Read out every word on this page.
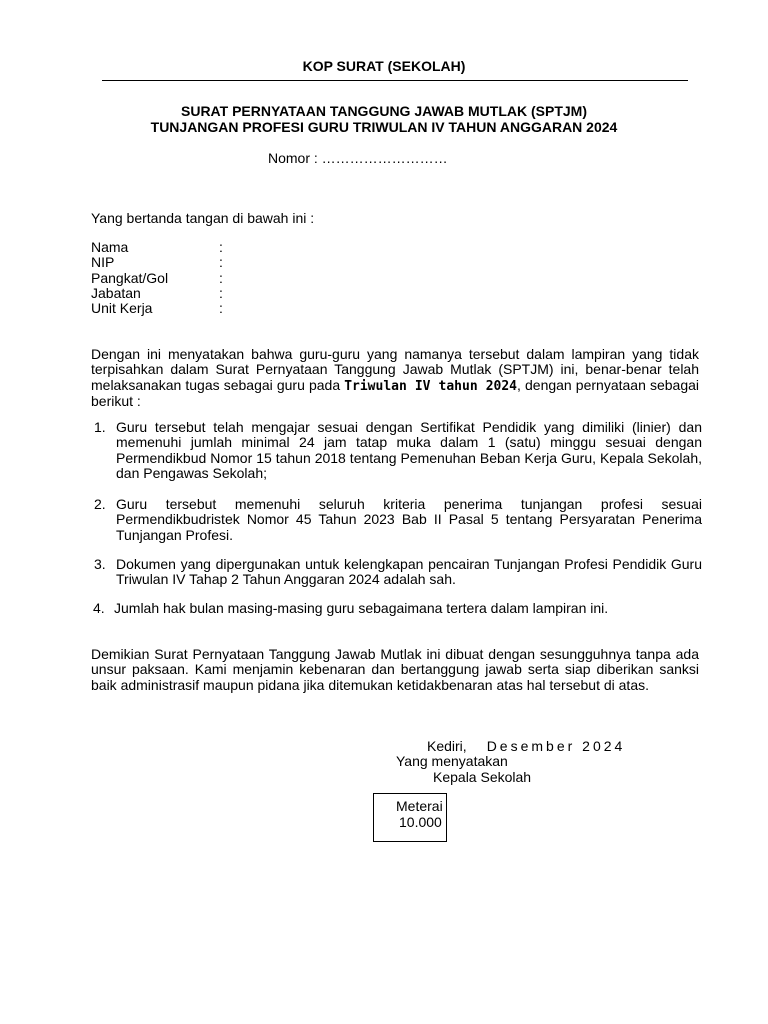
KOP SURAT (SEKOLAH)
SURAT PERNYATAAN TANGGUNG JAWAB MUTLAK (SPTJM)
TUNJANGAN PROFESI GURU TRIWULAN IV TAHUN ANGGARAN 2024
Nomor : ………………………
Yang bertanda tangan di bawah ini :
Nama	:
NIP	:
Pangkat/Gol	:
Jabatan	:
Unit Kerja	:
Dengan ini menyatakan bahwa guru-guru yang namanya tersebut dalam lampiran yang tidak terpisahkan dalam Surat Pernyataan Tanggung Jawab Mutlak (SPTJM) ini, benar-benar telah melaksanakan tugas sebagai guru pada Triwulan IV tahun 2024, dengan pernyataan sebagai berikut :
1. Guru tersebut telah mengajar sesuai dengan Sertifikat Pendidik yang dimiliki (linier) dan memenuhi jumlah minimal 24 jam tatap muka dalam 1 (satu) minggu sesuai dengan Permendikbud Nomor 15 tahun 2018 tentang Pemenuhan Beban Kerja Guru, Kepala Sekolah, dan Pengawas Sekolah;
2. Guru tersebut memenuhi seluruh kriteria penerima tunjangan profesi sesuai Permendikbudristek Nomor 45 Tahun 2023 Bab II Pasal 5 tentang Persyaratan Penerima Tunjangan Profesi.
3. Dokumen yang dipergunakan untuk kelengkapan pencairan Tunjangan Profesi Pendidik Guru Triwulan IV Tahap 2 Tahun Anggaran 2024 adalah sah.
4. Jumlah hak bulan masing-masing guru sebagaimana tertera dalam lampiran ini.
Demikian Surat Pernyataan Tanggung Jawab Mutlak ini dibuat dengan sesungguhnya tanpa ada unsur paksaan. Kami menjamin kebenaran dan bertanggung jawab serta siap diberikan sanksi baik administrasif maupun pidana jika ditemukan ketidakbenaran atas hal tersebut di atas.
Kediri, Desember 2024
Yang menyatakan
Kepala Sekolah
Meterai
10.000
